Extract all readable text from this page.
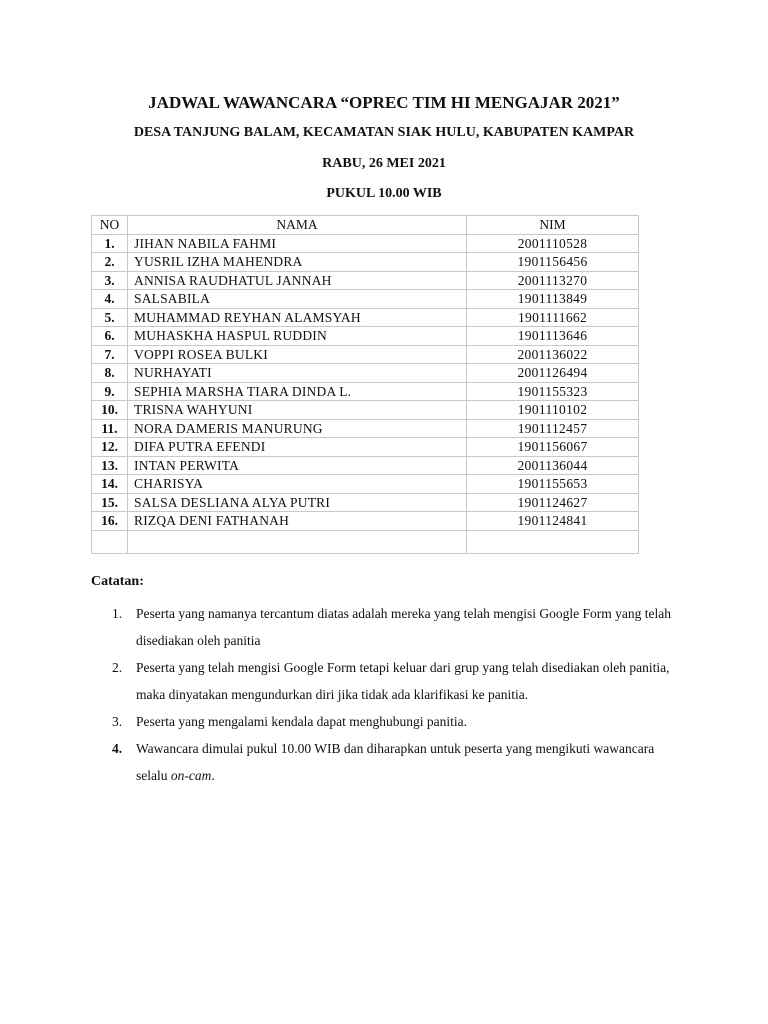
JADWAL WAWANCARA “OPREC TIM HI MENGAJAR 2021”
DESA TANJUNG BALAM, KECAMATAN SIAK HULU, KABUPATEN KAMPAR
RABU, 26 MEI 2021
PUKUL 10.00 WIB
NO	NAMA	NIM
1.	JIHAN NABILA FAHMI	2001110528
2.	YUSRIL IZHA MAHENDRA	1901156456
3.	ANNISA RAUDHATUL JANNAH	2001113270
4.	SALSABILA	1901113849
5.	MUHAMMAD REYHAN ALAMSYAH	1901111662
6.	MUHASKHA HASPUL RUDDIN	1901113646
7.	VOPPI ROSEA BULKI	2001136022
8.	NURHAYATI	2001126494
9.	SEPHIA MARSHA TIARA DINDA L.	1901155323
10.	TRISNA WAHYUNI	1901110102
11.	NORA DAMERIS MANURUNG	1901112457
12.	DIFA PUTRA EFENDI	1901156067
13.	INTAN PERWITA	2001136044
14.	CHARISYA	1901155653
15.	SALSA DESLIANA ALYA PUTRI	1901124627
16.	RIZQA DENI FATHANAH	1901124841

Catatan:
1. Peserta yang namanya tercantum diatas adalah mereka yang telah mengisi Google Form yang telah disediakan oleh panitia
2. Peserta yang telah mengisi Google Form tetapi keluar dari grup yang telah disediakan oleh panitia, maka dinyatakan mengundurkan diri jika tidak ada klarifikasi ke panitia.
3. Peserta yang mengalami kendala dapat menghubungi panitia.
4. Wawancara dimulai pukul 10.00 WIB dan diharapkan untuk peserta yang mengikuti wawancara selalu on-cam.
